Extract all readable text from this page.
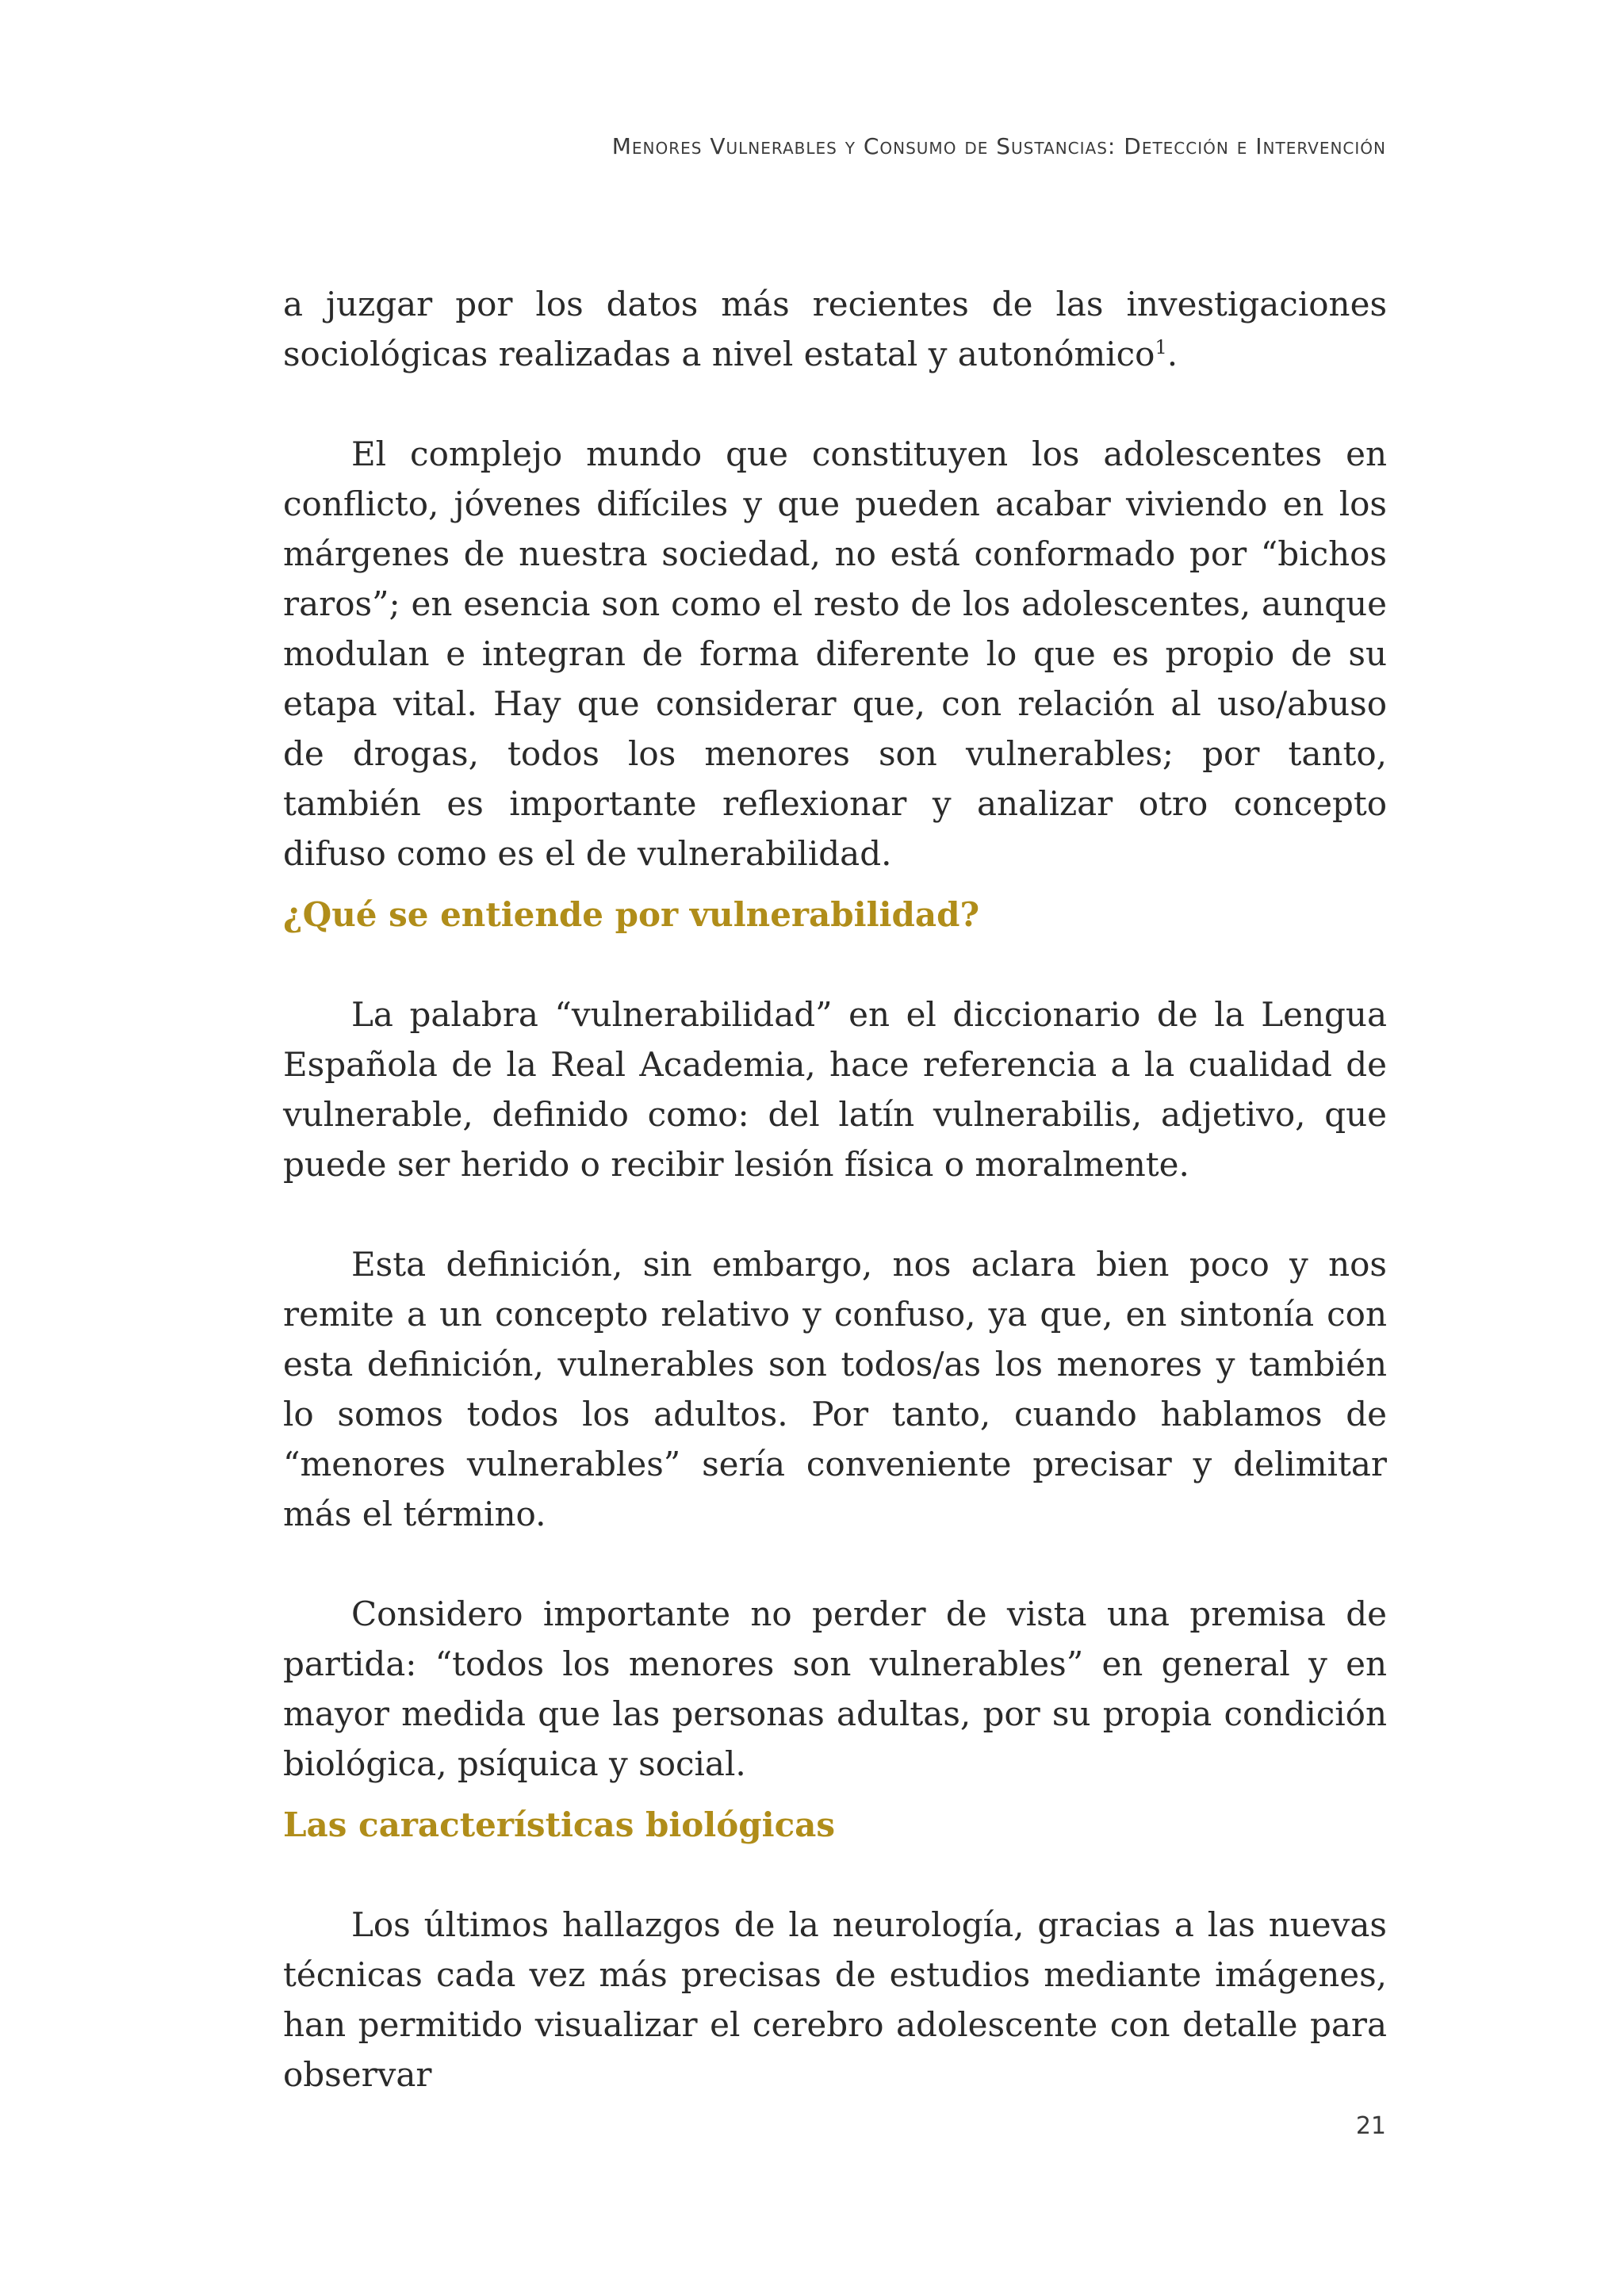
Menores Vulnerables y Consumo de Sustancias: Detección e Intervención

a juzgar por los datos más recientes de las investigaciones sociológicas realizadas a nivel estatal y autonómico$^1$.

El complejo mundo que constituyen los adolescentes en conflicto, jóvenes difíciles y que pueden acabar viviendo en los márgenes de nuestra sociedad, no está conformado por “bichos raros”; en esencia son como el resto de los adolescentes, aunque modulan e integran de forma diferente lo que es propio de su etapa vital. Hay que considerar que, con relación al uso/abuso de drogas, todos los menores son vulnerables; por tanto, también es importante reflexionar y analizar otro concepto difuso como es el de vulnerabilidad.

¿Qué se entiende por vulnerabilidad?

La palabra “vulnerabilidad” en el diccionario de la Lengua Española de la Real Academia, hace referencia a la cualidad de vulnerable, definido como: del latín vulnerabilis, adjetivo, que puede ser herido o recibir lesión física o moralmente.

Esta definición, sin embargo, nos aclara bien poco y nos remite a un concepto relativo y confuso, ya que, en sintonía con esta definición, vulnerables son todos/as los menores y también lo somos todos los adultos. Por tanto, cuando hablamos de “menores vulnerables” sería conveniente precisar y delimitar más el término.

Considero importante no perder de vista una premisa de partida: “todos los menores son vulnerables” en general y en mayor medida que las personas adultas, por su propia condición biológica, psíquica y social.

Las características biológicas

Los últimos hallazgos de la neurología, gracias a las nuevas técnicas cada vez más precisas de estudios mediante imágenes, han permitido visualizar el cerebro adolescente con detalle para observar

21
